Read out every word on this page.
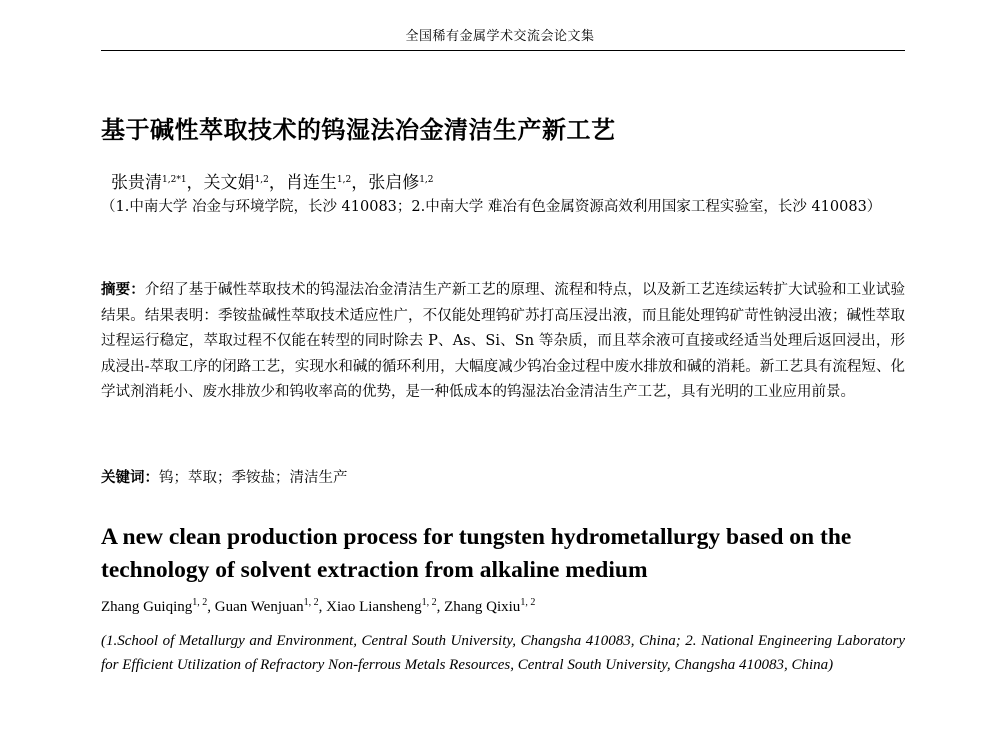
全国稀有金属学术交流会论文集
基于碱性萃取技术的钨湿法冶金清洁生产新工艺
张贵清$^{1,2*1}$，关文娟$^{1,2}$，肖连生$^{1,2}$，张启修$^{1,2}$
（1.中南大学 冶金与环境学院，长沙 410083；2.中南大学 难冶有色金属资源高效利用国家工程实验室，长沙 410083）
摘要：介绍了基于碱性萃取技术的钨湿法冶金清洁生产新工艺的原理、流程和特点，以及新工艺连续运转扩大试验和工业试验结果。结果表明：季铵盐碱性萃取技术适应性广，不仅能处理钨矿苏打高压浸出液，而且能处理钨矿苛性钠浸出液；碱性萃取过程运行稳定，萃取过程不仅能在转型的同时除去 P、As、Si、Sn 等杂质，而且萃余液可直接或经适当处理后返回浸出，形成浸出-萃取工序的闭路工艺，实现水和碱的循环利用，大幅度减少钨冶金过程中废水排放和碱的消耗。新工艺具有流程短、化学试剂消耗小、废水排放少和钨收率高的优势，是一种低成本的钨湿法冶金清洁生产工艺，具有光明的工业应用前景。
关键词：钨；萃取；季铵盐；清洁生产
A new clean production process for tungsten hydrometallurgy based on the technology of solvent extraction from alkaline medium
Zhang Guiqing$^{1, 2}$, Guan Wenjuan$^{1, 2}$, Xiao Liansheng$^{1, 2}$, Zhang Qixiu$^{1, 2}$
(1.School of Metallurgy and Environment, Central South University, Changsha 410083, China; 2. National Engineering Laboratory for Efficient Utilization of Refractory Non-ferrous Metals Resources, Central South University, Changsha 410083, China)
